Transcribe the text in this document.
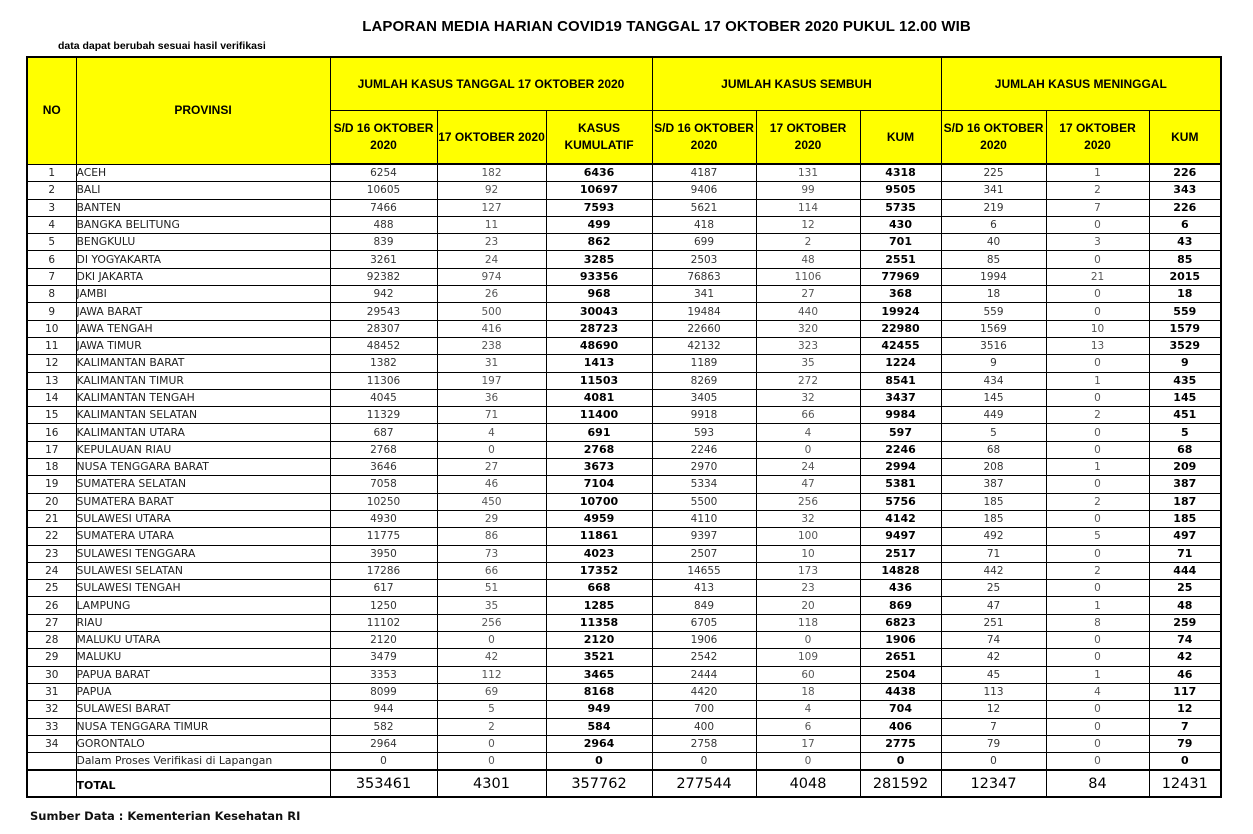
LAPORAN MEDIA HARIAN COVID19 TANGGAL 17 OKTOBER 2020 PUKUL 12.00 WIB
data dapat berubah sesuai hasil verifikasi
NO	PROVINSI	JUMLAH KASUS TANGGAL 17 OKTOBER 2020			JUMLAH KASUS SEMBUH			JUMLAH KASUS MENINGGAL		
		S/D 16 OKTOBER 2020	17 OKTOBER 2020	KASUS KUMULATIF	S/D 16 OKTOBER 2020	17 OKTOBER 2020	KUM	S/D 16 OKTOBER 2020	17 OKTOBER 2020	KUM
1	ACEH	6254	182	6436	4187	131	4318	225	1	226
2	BALI	10605	92	10697	9406	99	9505	341	2	343
3	BANTEN	7466	127	7593	5621	114	5735	219	7	226
4	BANGKA BELITUNG	488	11	499	418	12	430	6	0	6
5	BENGKULU	839	23	862	699	2	701	40	3	43
6	DI YOGYAKARTA	3261	24	3285	2503	48	2551	85	0	85
7	DKI JAKARTA	92382	974	93356	76863	1106	77969	1994	21	2015
8	JAMBI	942	26	968	341	27	368	18	0	18
9	JAWA BARAT	29543	500	30043	19484	440	19924	559	0	559
10	JAWA TENGAH	28307	416	28723	22660	320	22980	1569	10	1579
11	JAWA TIMUR	48452	238	48690	42132	323	42455	3516	13	3529
12	KALIMANTAN BARAT	1382	31	1413	1189	35	1224	9	0	9
13	KALIMANTAN TIMUR	11306	197	11503	8269	272	8541	434	1	435
14	KALIMANTAN TENGAH	4045	36	4081	3405	32	3437	145	0	145
15	KALIMANTAN SELATAN	11329	71	11400	9918	66	9984	449	2	451
16	KALIMANTAN UTARA	687	4	691	593	4	597	5	0	5
17	KEPULAUAN RIAU	2768	0	2768	2246	0	2246	68	0	68
18	NUSA TENGGARA BARAT	3646	27	3673	2970	24	2994	208	1	209
19	SUMATERA SELATAN	7058	46	7104	5334	47	5381	387	0	387
20	SUMATERA BARAT	10250	450	10700	5500	256	5756	185	2	187
21	SULAWESI UTARA	4930	29	4959	4110	32	4142	185	0	185
22	SUMATERA UTARA	11775	86	11861	9397	100	9497	492	5	497
23	SULAWESI TENGGARA	3950	73	4023	2507	10	2517	71	0	71
24	SULAWESI SELATAN	17286	66	17352	14655	173	14828	442	2	444
25	SULAWESI TENGAH	617	51	668	413	23	436	25	0	25
26	LAMPUNG	1250	35	1285	849	20	869	47	1	48
27	RIAU	11102	256	11358	6705	118	6823	251	8	259
28	MALUKU UTARA	2120	0	2120	1906	0	1906	74	0	74
29	MALUKU	3479	42	3521	2542	109	2651	42	0	42
30	PAPUA BARAT	3353	112	3465	2444	60	2504	45	1	46
31	PAPUA	8099	69	8168	4420	18	4438	113	4	117
32	SULAWESI BARAT	944	5	949	700	4	704	12	0	12
33	NUSA TENGGARA TIMUR	582	2	584	400	6	406	7	0	7
34	GORONTALO	2964	0	2964	2758	17	2775	79	0	79
	Dalam Proses Verifikasi di Lapangan	0	0	0	0	0	0	0	0	0
	TOTAL	353461	4301	357762	277544	4048	281592	12347	84	12431
Sumber Data : Kementerian Kesehatan RI
